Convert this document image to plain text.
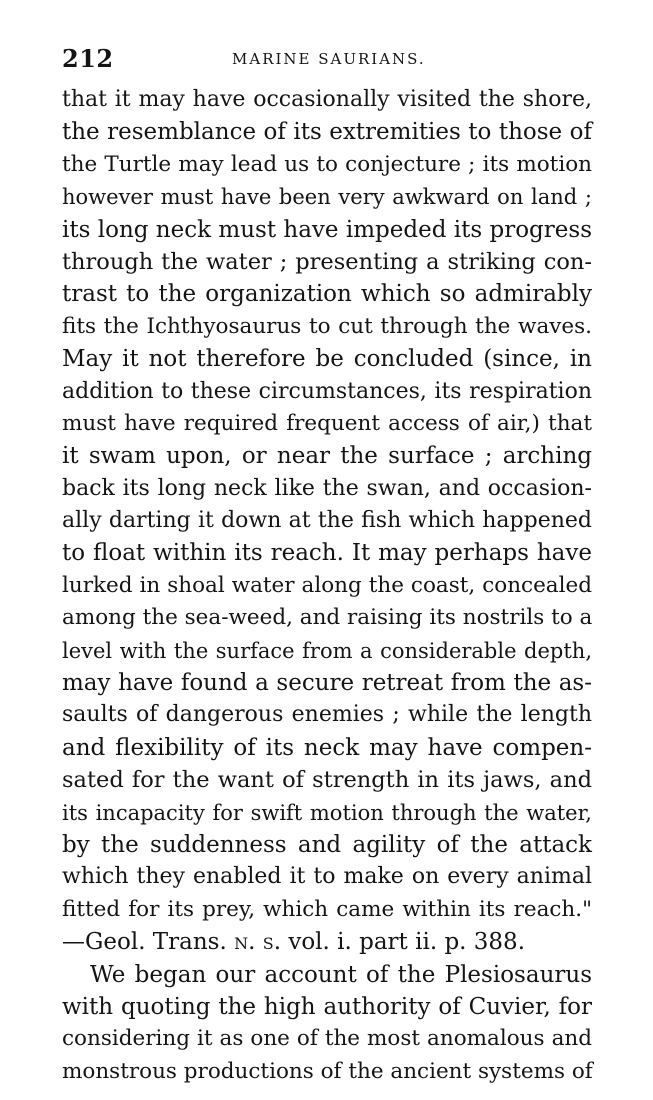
212	MARINE SAURIANS.
that it may have occasionally visited the shore,
the resemblance of its extremities to those of
the Turtle may lead us to conjecture ; its motion
however must have been very awkward on land ;
its long neck must have impeded its progress
through the water ; presenting a striking con-
trast to the organization which so admirably
fits the Ichthyosaurus to cut through the waves.
May it not therefore be concluded (since, in
addition to these circumstances, its respiration
must have required frequent access of air,) that
it swam upon, or near the surface ; arching
back its long neck like the swan, and occasion-
ally darting it down at the fish which happened
to float within its reach. It may perhaps have
lurked in shoal water along the coast, concealed
among the sea-weed, and raising its nostrils to a
level with the surface from a considerable depth,
may have found a secure retreat from the as-
saults of dangerous enemies ; while the length
and flexibility of its neck may have compen-
sated for the want of strength in its jaws, and
its incapacity for swift motion through the water,
by the suddenness and agility of the attack
which they enabled it to make on every animal
fitted for its prey, which came within its reach."
—Geol. Trans. n. s. vol. i. part ii. p. 388.
We began our account of the Plesiosaurus
with quoting the high authority of Cuvier, for
considering it as one of the most anomalous and
monstrous productions of the ancient systems of
